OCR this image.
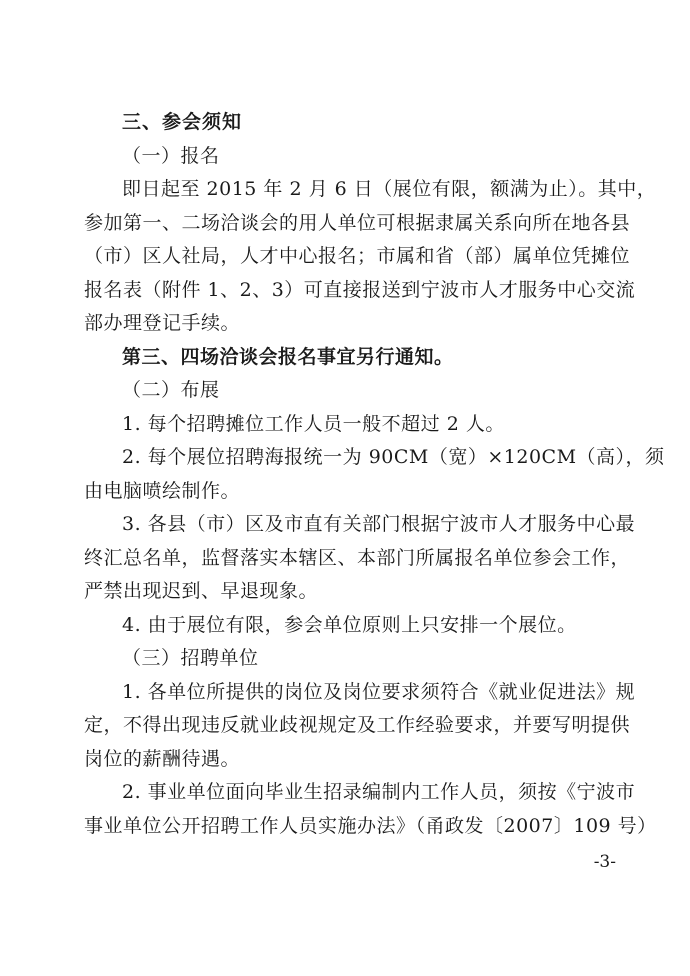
三、参会须知
（一）报名
即日起至 2015 年 2 月 6 日（展位有限，额满为止）。其中，
参加第一、二场洽谈会的用人单位可根据隶属关系向所在地各县
（市）区人社局，人才中心报名；市属和省（部）属单位凭摊位
报名表（附件 1、2、3）可直接报送到宁波市人才服务中心交流
部办理登记手续。
第三、四场洽谈会报名事宜另行通知。
（二）布展
1. 每个招聘摊位工作人员一般不超过 2 人。
2. 每个展位招聘海报统一为 90CM（宽）×120CM（高），须
由电脑喷绘制作。
3. 各县（市）区及市直有关部门根据宁波市人才服务中心最
终汇总名单，监督落实本辖区、本部门所属报名单位参会工作，
严禁出现迟到、早退现象。
4. 由于展位有限，参会单位原则上只安排一个展位。
（三）招聘单位
1. 各单位所提供的岗位及岗位要求须符合《就业促进法》规
定，不得出现违反就业歧视规定及工作经验要求，并要写明提供
岗位的薪酬待遇。
2. 事业单位面向毕业生招录编制内工作人员，须按《宁波市
事业单位公开招聘工作人员实施办法》（甬政发〔2007〕109 号）
-3-
